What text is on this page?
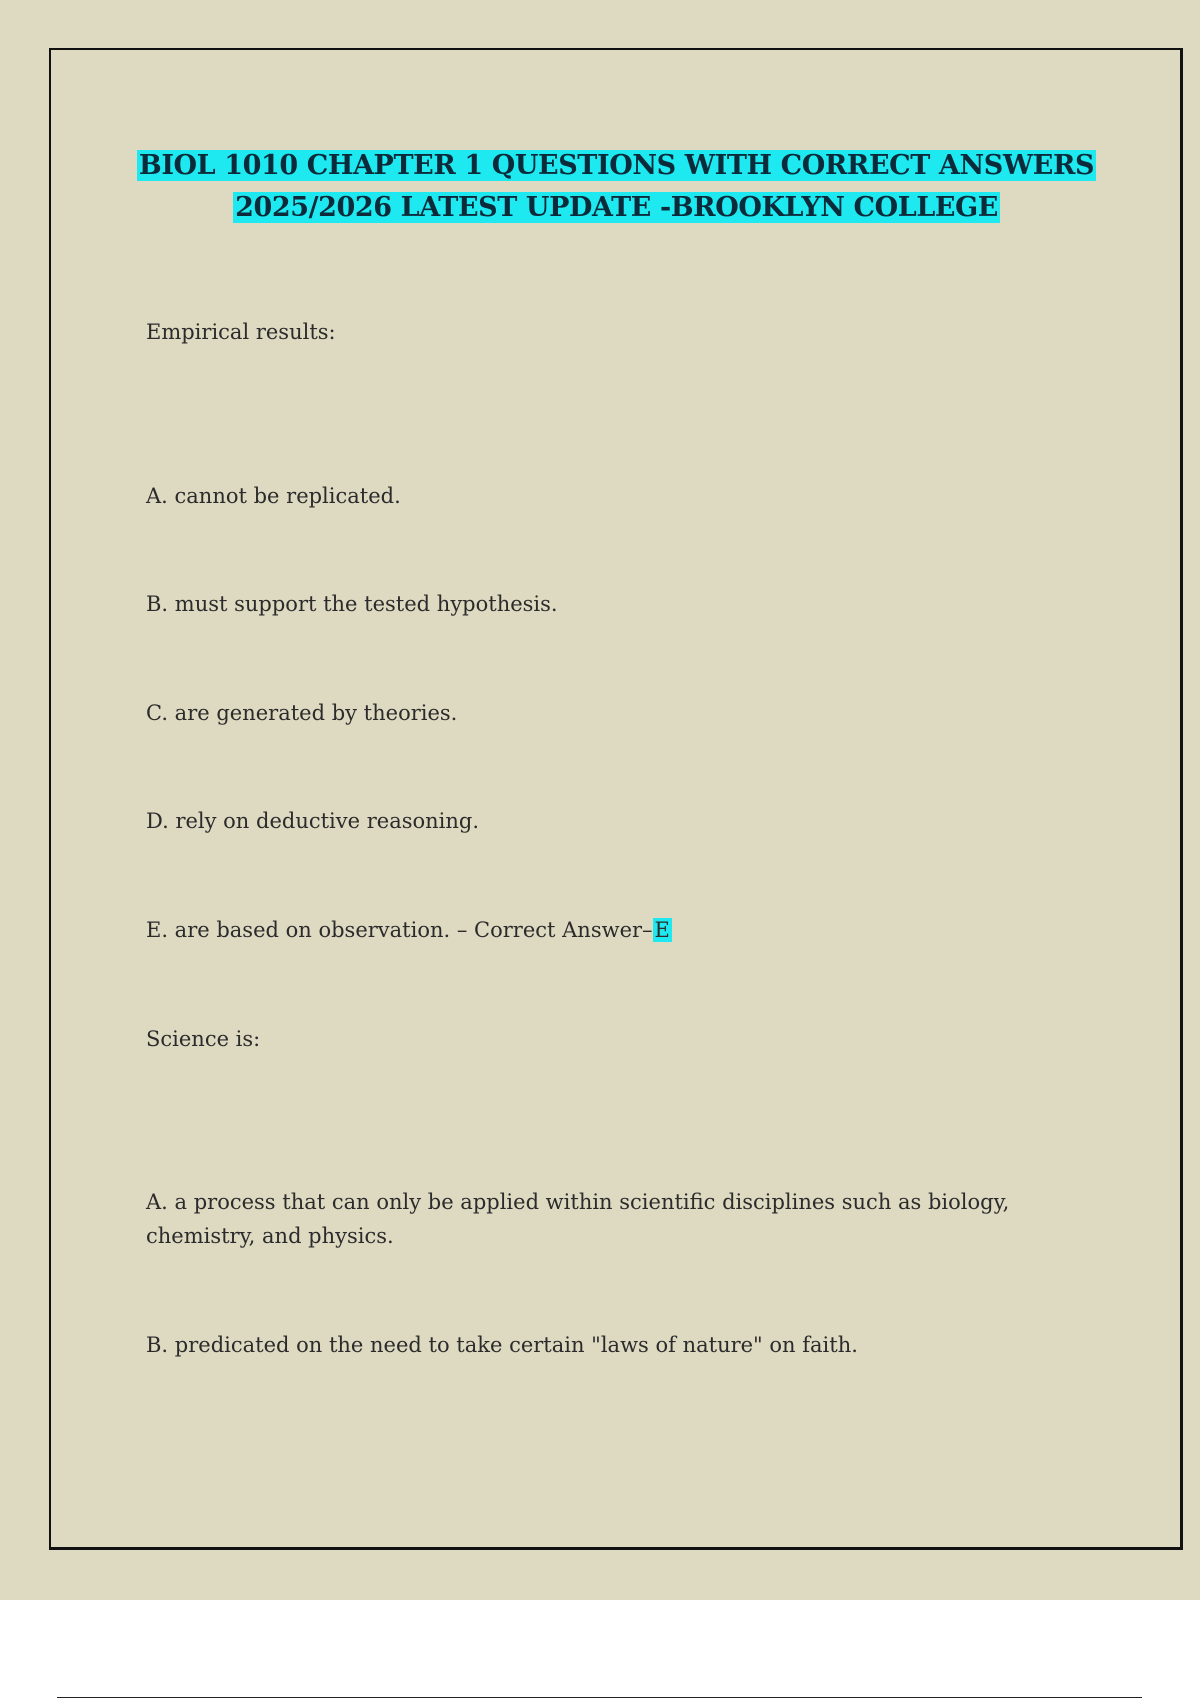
BIOL 1010 CHAPTER 1 QUESTIONS WITH CORRECT ANSWERS
2025/2026 LATEST UPDATE -BROOKLYN COLLEGE

Empirical results:

A. cannot be replicated.

B. must support the tested hypothesis.

C. are generated by theories.

D. rely on deductive reasoning.

E. are based on observation. – Correct Answer–E

Science is:

A. a process that can only be applied within scientific disciplines such as biology, chemistry, and physics.

B. predicated on the need to take certain "laws of nature" on faith.
